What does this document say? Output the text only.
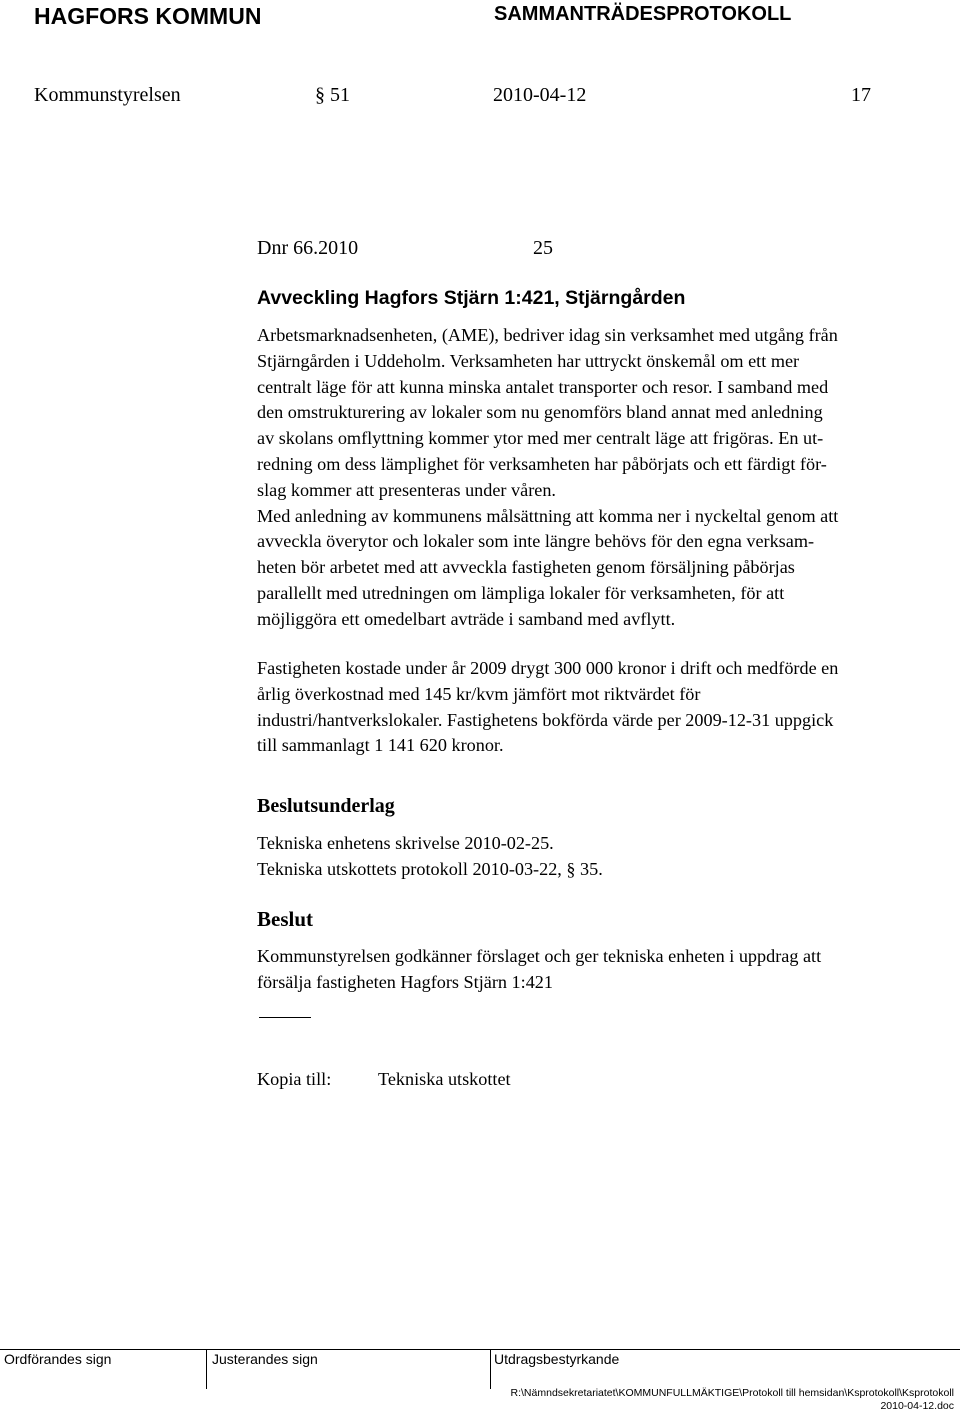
HAGFORS KOMMUN	SAMMANTRÄDESPROTOKOLL
Kommunstyrelsen	§ 51	2010-04-12	17
Dnr 66.2010	25
Avveckling Hagfors Stjärn 1:421, Stjärngården
Arbetsmarknadsenheten, (AME), bedriver idag sin verksamhet med utgång från
Stjärngården i Uddeholm. Verksamheten har uttryckt önskemål om ett mer
centralt läge för att kunna minska antalet transporter och resor. I samband med
den omstrukturering av lokaler som nu genomförs bland annat med anledning
av skolans omflyttning kommer ytor med mer centralt läge att frigöras. En ut-
redning om dess lämplighet för verksamheten har påbörjats och ett färdigt för-
slag kommer att presenteras under våren.
Med anledning av kommunens målsättning att komma ner i nyckeltal genom att
avveckla överytor och lokaler som inte längre behövs för den egna verksam-
heten bör arbetet med att avveckla fastigheten genom försäljning påbörjas
parallellt med utredningen om lämpliga lokaler för verksamheten, för att
möjliggöra ett omedelbart avträde i samband med avflytt.
Fastigheten kostade under år 2009 drygt 300 000 kronor i drift och medförde en
årlig överkostnad med 145 kr/kvm jämfört mot riktvärdet för
industri/hantverkslokaler. Fastighetens bokförda värde per 2009-12-31 uppgick
till sammanlagt 1 141 620 kronor.
Beslutsunderlag
Tekniska enhetens skrivelse 2010-02-25.
Tekniska utskottets protokoll 2010-03-22, § 35.
Beslut
Kommunstyrelsen godkänner förslaget och ger tekniska enheten i uppdrag att
försälja fastigheten Hagfors Stjärn 1:421
Kopia till:	Tekniska utskottet
Ordförandes sign	Justerandes sign	Utdragsbestyrkande
R:\Nämndsekretariatet\KOMMUNFULLMÄKTIGE\Protokoll till hemsidan\Ksprotokoll\Ksprotokoll
2010-04-12.doc
